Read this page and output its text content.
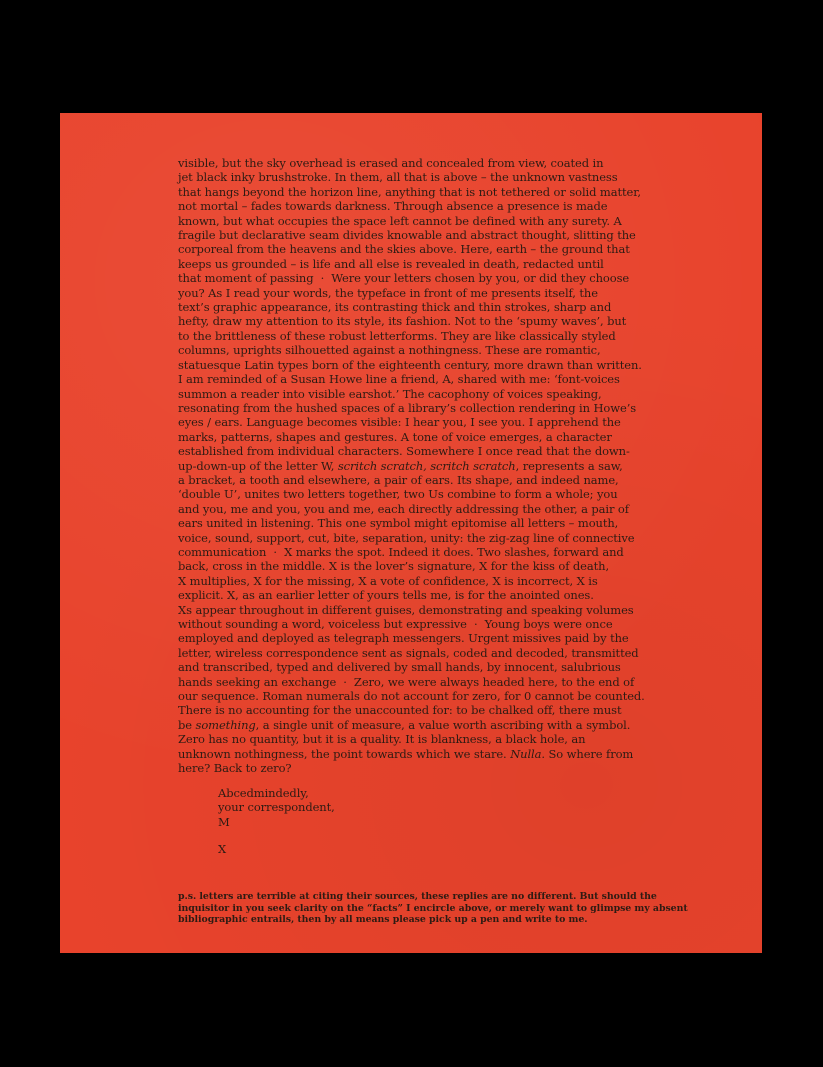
visible, but the sky overhead is erased and concealed from view, coated in
jet black inky brushstroke. In them, all that is above – the unknown vastness
that hangs beyond the horizon line, anything that is not tethered or solid matter,
not mortal – fades towards darkness. Through absence a presence is made
known, but what occupies the space left cannot be defined with any surety. A
fragile but declarative seam divides knowable and abstract thought, slitting the
corporeal from the heavens and the skies above. Here, earth – the ground that
keeps us grounded – is life and all else is revealed in death, redacted until
that moment of passing  ·  Were your letters chosen by you, or did they choose
you? As I read your words, the typeface in front of me presents itself, the
text’s graphic appearance, its contrasting thick and thin strokes, sharp and
hefty, draw my attention to its style, its fashion. Not to the ‘spumy waves’, but
to the brittleness of these robust letterforms. They are like classically styled
columns, uprights silhouetted against a nothingness. These are romantic,
statuesque Latin types born of the eighteenth century, more drawn than written.
I am reminded of a Susan Howe line a friend, A, shared with me: ‘font-voices
summon a reader into visible earshot.’ The cacophony of voices speaking,
resonating from the hushed spaces of a library’s collection rendering in Howe’s
eyes / ears. Language becomes visible: I hear you, I see you. I apprehend the
marks, patterns, shapes and gestures. A tone of voice emerges, a character
established from individual characters. Somewhere I once read that the down-
up-down-up of the letter W, scritch scratch, scritch scratch, represents a saw,
a bracket, a tooth and elsewhere, a pair of ears. Its shape, and indeed name,
‘double U’, unites two letters together, two Us combine to form a whole; you
and you, me and you, you and me, each directly addressing the other, a pair of
ears united in listening. This one symbol might epitomise all letters – mouth,
voice, sound, support, cut, bite, separation, unity: the zig-zag line of connective
communication  ·  X marks the spot. Indeed it does. Two slashes, forward and
back, cross in the middle. X is the lover’s signature, X for the kiss of death,
X multiplies, X for the missing, X a vote of confidence, X is incorrect, X is
explicit. X, as an earlier letter of yours tells me, is for the anointed ones.
Xs appear throughout in different guises, demonstrating and speaking volumes
without sounding a word, voiceless but expressive  ·  Young boys were once
employed and deployed as telegraph messengers. Urgent missives paid by the
letter, wireless correspondence sent as signals, coded and decoded, transmitted
and transcribed, typed and delivered by small hands, by innocent, salubrious
hands seeking an exchange  ·  Zero, we were always headed here, to the end of
our sequence. Roman numerals do not account for zero, for 0 cannot be counted.
There is no accounting for the unaccounted for: to be chalked off, there must
be something, a single unit of measure, a value worth ascribing with a symbol.
Zero has no quantity, but it is a quality. It is blankness, a black hole, an
unknown nothingness, the point towards which we stare. Nulla. So where from
here? Back to zero?
Abcedmindedly,
your correspondent,
M
X
p.s. letters are terrible at citing their sources, these replies are no different. But should the
inquisitor in you seek clarity on the “facts” I encircle above, or merely want to glimpse my absent
bibliographic entrails, then by all means please pick up a pen and write to me.
